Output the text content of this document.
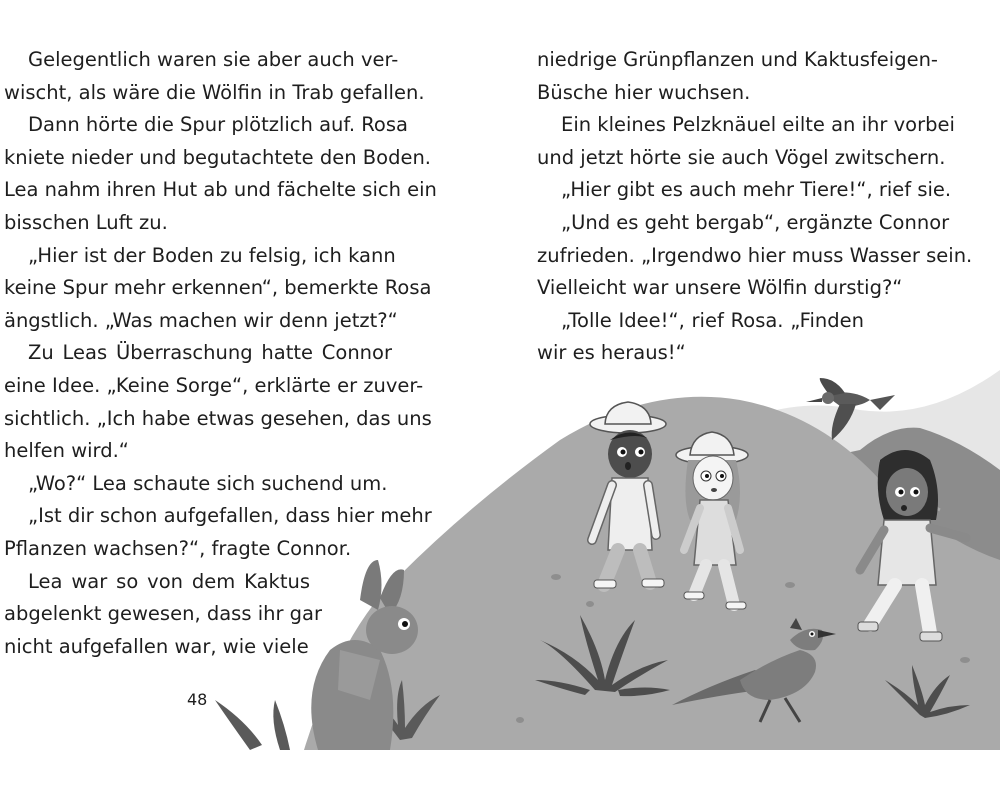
Gelegentlich waren sie aber auch ver-
wischt, als wäre die Wölfin in Trab gefallen.
Dann hörte die Spur plötzlich auf. Rosa
kniete nieder und begutachtete den Boden.
Lea nahm ihren Hut ab und fächelte sich ein
bisschen Luft zu.
„Hier ist der Boden zu felsig, ich kann
keine Spur mehr erkennen“, bemerkte Rosa
ängstlich. „Was machen wir denn jetzt?“
Zu Leas Überraschung hatte Connor
eine Idee. „Keine Sorge“, erklärte er zuver-
sichtlich. „Ich habe etwas gesehen, das uns
helfen wird.“
„Wo?“ Lea schaute sich suchend um.
„Ist dir schon aufgefallen, dass hier mehr
Pflanzen wachsen?“, fragte Connor.
Lea war so von dem Kaktus
abgelenkt gewesen, dass ihr gar
nicht aufgefallen war, wie viele
niedrige Grünpflanzen und Kaktusfeigen-
Büsche hier wuchsen.
Ein kleines Pelzknäuel eilte an ihr vorbei
und jetzt hörte sie auch Vögel zwitschern.
„Hier gibt es auch mehr Tiere!“, rief sie.
„Und es geht bergab“, ergänzte Connor
zufrieden. „Irgendwo hier muss Wasser sein.
Vielleicht war unsere Wölfin durstig?“
„Tolle Idee!“, rief Rosa. „Finden
wir es heraus!“
48
